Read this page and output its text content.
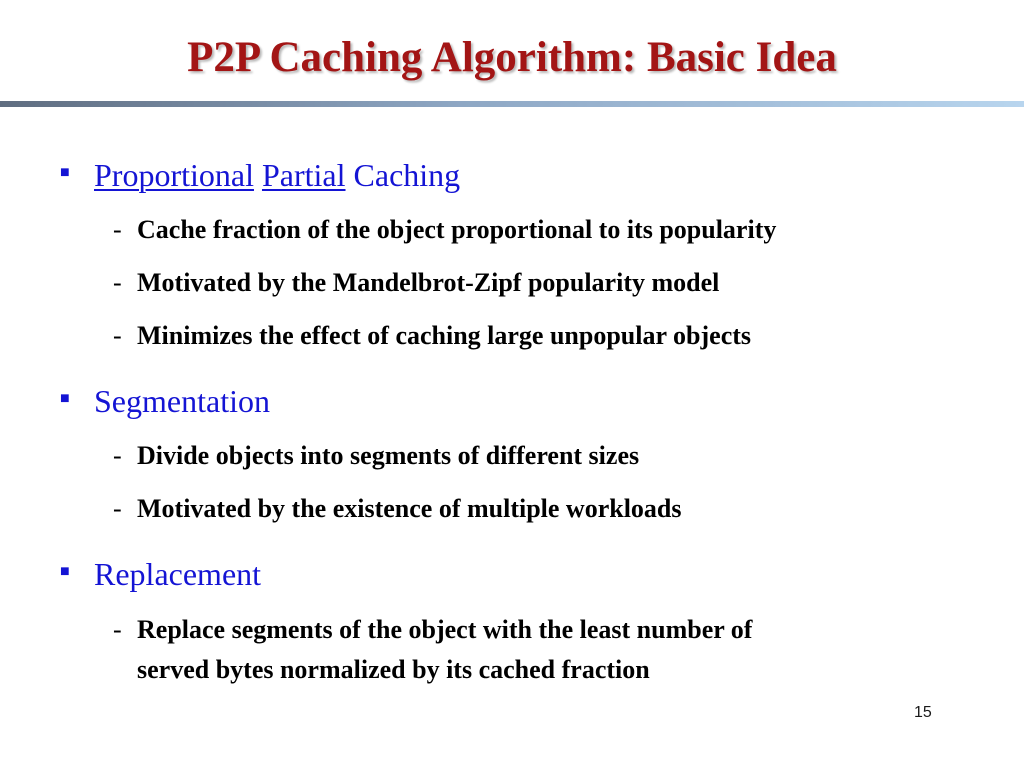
P2P Caching Algorithm: Basic Idea
■ Proportional Partial Caching
- Cache fraction of the object proportional to its popularity
- Motivated by the Mandelbrot-Zipf popularity model
- Minimizes the effect of caching large unpopular objects
■ Segmentation
- Divide objects into segments of different sizes
- Motivated by the existence of multiple workloads
■ Replacement
- Replace segments of the object with the least number of
served bytes normalized by its cached fraction
15
